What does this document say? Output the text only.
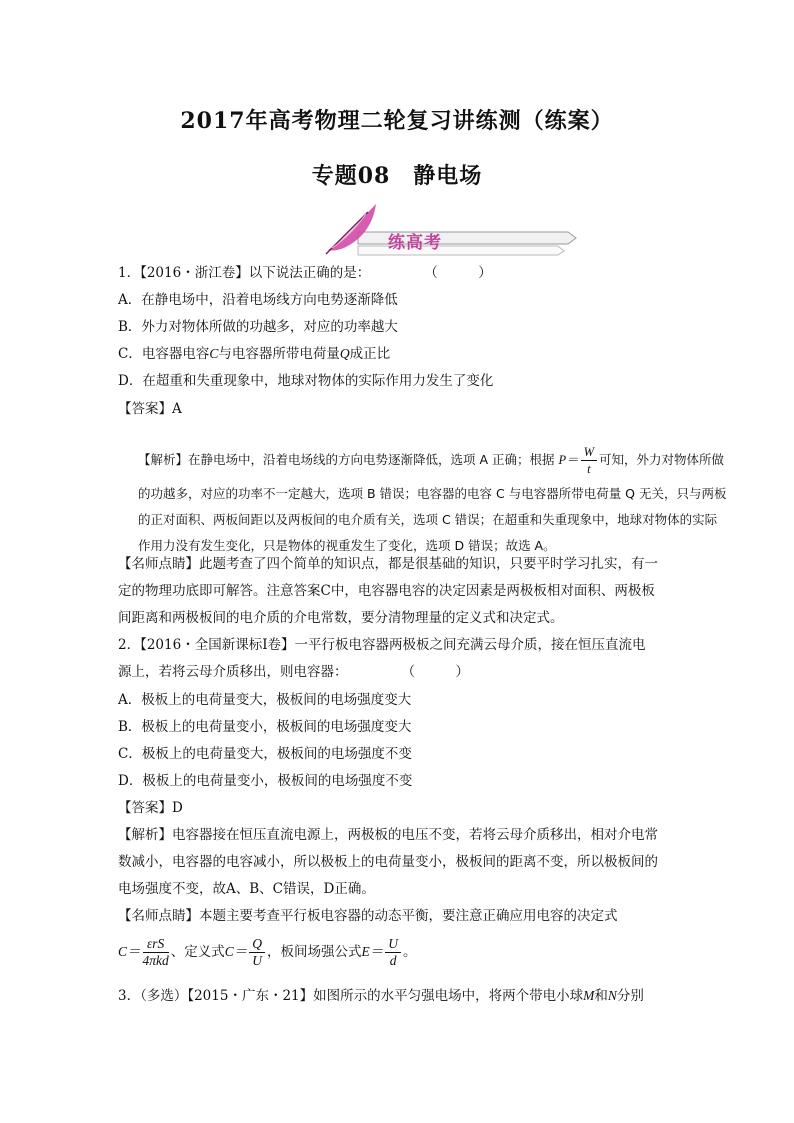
2017年高考物理二轮复习讲练测（练案）
专题08　静电场
练高考
1．【2016・浙江卷】以下说法正确的是：　　　　　（　　　）
A．在静电场中，沿着电场线方向电势逐渐降低
B．外力对物体所做的功越多，对应的功率越大
C．电容器电容C与电容器所带电荷量Q成正比
D．在超重和失重现象中，地球对物体的实际作用力发生了变化
【答案】A
【解析】在静电场中，沿着电场线的方向电势逐渐降低，选项 A 正确；根据 $P= \frac{W}{t}$ 可知，外力对物体所做
的功越多，对应的功率不一定越大，选项 B 错误；电容器的电容 C 与电容器所带电荷量 Q 无关，只与两板
的正对面积、两板间距以及两板间的电介质有关，选项 C 错误；在超重和失重现象中，地球对物体的实际
作用力没有发生变化，只是物体的视重发生了变化，选项 D 错误；故选 A。
【名师点睛】此题考查了四个简单的知识点，都是很基础的知识，只要平时学习扎实，有一
定的物理功底即可解答。注意答案C中，电容器电容的决定因素是两极板相对面积、两极板
间距离和两极板间的电介质的介电常数，要分清物理量的定义式和决定式。
2．【2016・全国新课标Ⅰ卷】一平行板电容器两极板之间充满云母介质，接在恒压直流电
源上，若将云母介质移出，则电容器：　　　　　（　　　）
A．极板上的电荷量变大，极板间的电场强度变大
B．极板上的电荷量变小，极板间的电场强度变大
C．极板上的电荷量变大，极板间的电场强度不变
D．极板上的电荷量变小，极板间的电场强度不变
【答案】D
【解析】电容器接在恒压直流电源上，两极板的电压不变，若将云母介质移出，相对介电常
数减小，电容器的电容减小，所以极板上的电荷量变小，极板间的距离不变，所以极板间的
电场强度不变，故A、B、C错误，D正确。
【名师点睛】本题主要考查平行板电容器的动态平衡，要注意正确应用电容的决定式
$C= \frac{\text{εrS}}{\text{4πkd}}$ 、定义式$C= \frac{Q}{U}$ ，板间场强公式$E= \frac{U}{d}$ 。
3．（多选）【2015・广东・21】如图所示的水平匀强电场中，将两个带电小球M和N分别
